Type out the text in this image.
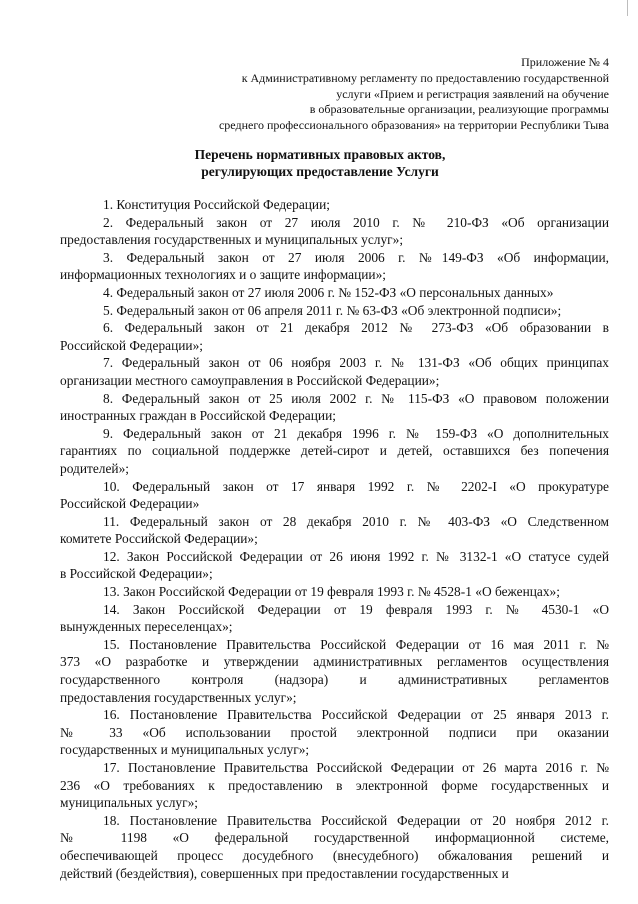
Приложение № 4
к Административному регламенту по предоставлению государственной
услуги «Прием и регистрация заявлений на обучение
в образовательные организации, реализующие программы
среднего профессионального образования» на территории Республики Тыва
Перечень нормативных правовых актов,
регулирующих предоставление Услуги
1. Конституция Российской Федерации;
2. Федеральный закон от 27 июля 2010 г. № 210-ФЗ «Об организации
предоставления государственных и муниципальных услуг»;
3. Федеральный закон от 27 июля 2006 г. №149-ФЗ «Об информации,
информационных технологиях и о защите информации»;
4. Федеральный закон от 27 июля 2006 г. № 152-ФЗ «О персональных данных»
5. Федеральный закон от 06 апреля 2011 г. № 63-ФЗ «Об электронной подписи»;
6. Федеральный закон от 21 декабря 2012 № 273-ФЗ «Об образовании в
Российской Федерации»;
7. Федеральный закон от 06 ноября 2003 г. № 131-ФЗ «Об общих принципах
организации местного самоуправления в Российской Федерации»;
8. Федеральный закон от 25 июля 2002 г. № 115-ФЗ «О правовом положении
иностранных граждан в Российской Федерации;
9. Федеральный закон от 21 декабря 1996 г. № 159-ФЗ «О дополнительных
гарантиях по социальной поддержке детей-сирот и детей, оставшихся без попечения
родителей»;
10. Федеральный закон от 17 января 1992 г. № 2202-I «О прокуратуре
Российской Федерации»
11. Федеральный закон от 28 декабря 2010 г. № 403-ФЗ «О Следственном
комитете Российской Федерации»;
12. Закон Российской Федерации от 26 июня 1992 г. № 3132-1 «О статусе судей
в Российской Федерации»;
13. Закон Российской Федерации от 19 февраля 1993 г. № 4528-1 «О беженцах»;
14. Закон Российской Федерации от 19 февраля 1993 г. № 4530-1 «О
вынужденных переселенцах»;
15. Постановление Правительства Российской Федерации от 16 мая 2011 г. №
373 «О разработке и утверждении административных регламентов осуществления
государственного контроля (надзора) и административных регламентов
предоставления государственных услуг»;
16. Постановление Правительства Российской Федерации от 25 января 2013 г.
№ 33 «Об использовании простой электронной подписи при оказании
государственных и муниципальных услуг»;
17. Постановление Правительства Российской Федерации от 26 марта 2016 г. №
236 «О требованиях к предоставлению в электронной форме государственных и
муниципальных услуг»;
18. Постановление Правительства Российской Федерации от 20 ноября 2012 г.
№ 1198 «О федеральной государственной информационной системе,
обеспечивающей процесс досудебного (внесудебного) обжалования решений и
действий (бездействия), совершенных при предоставлении государственных и
